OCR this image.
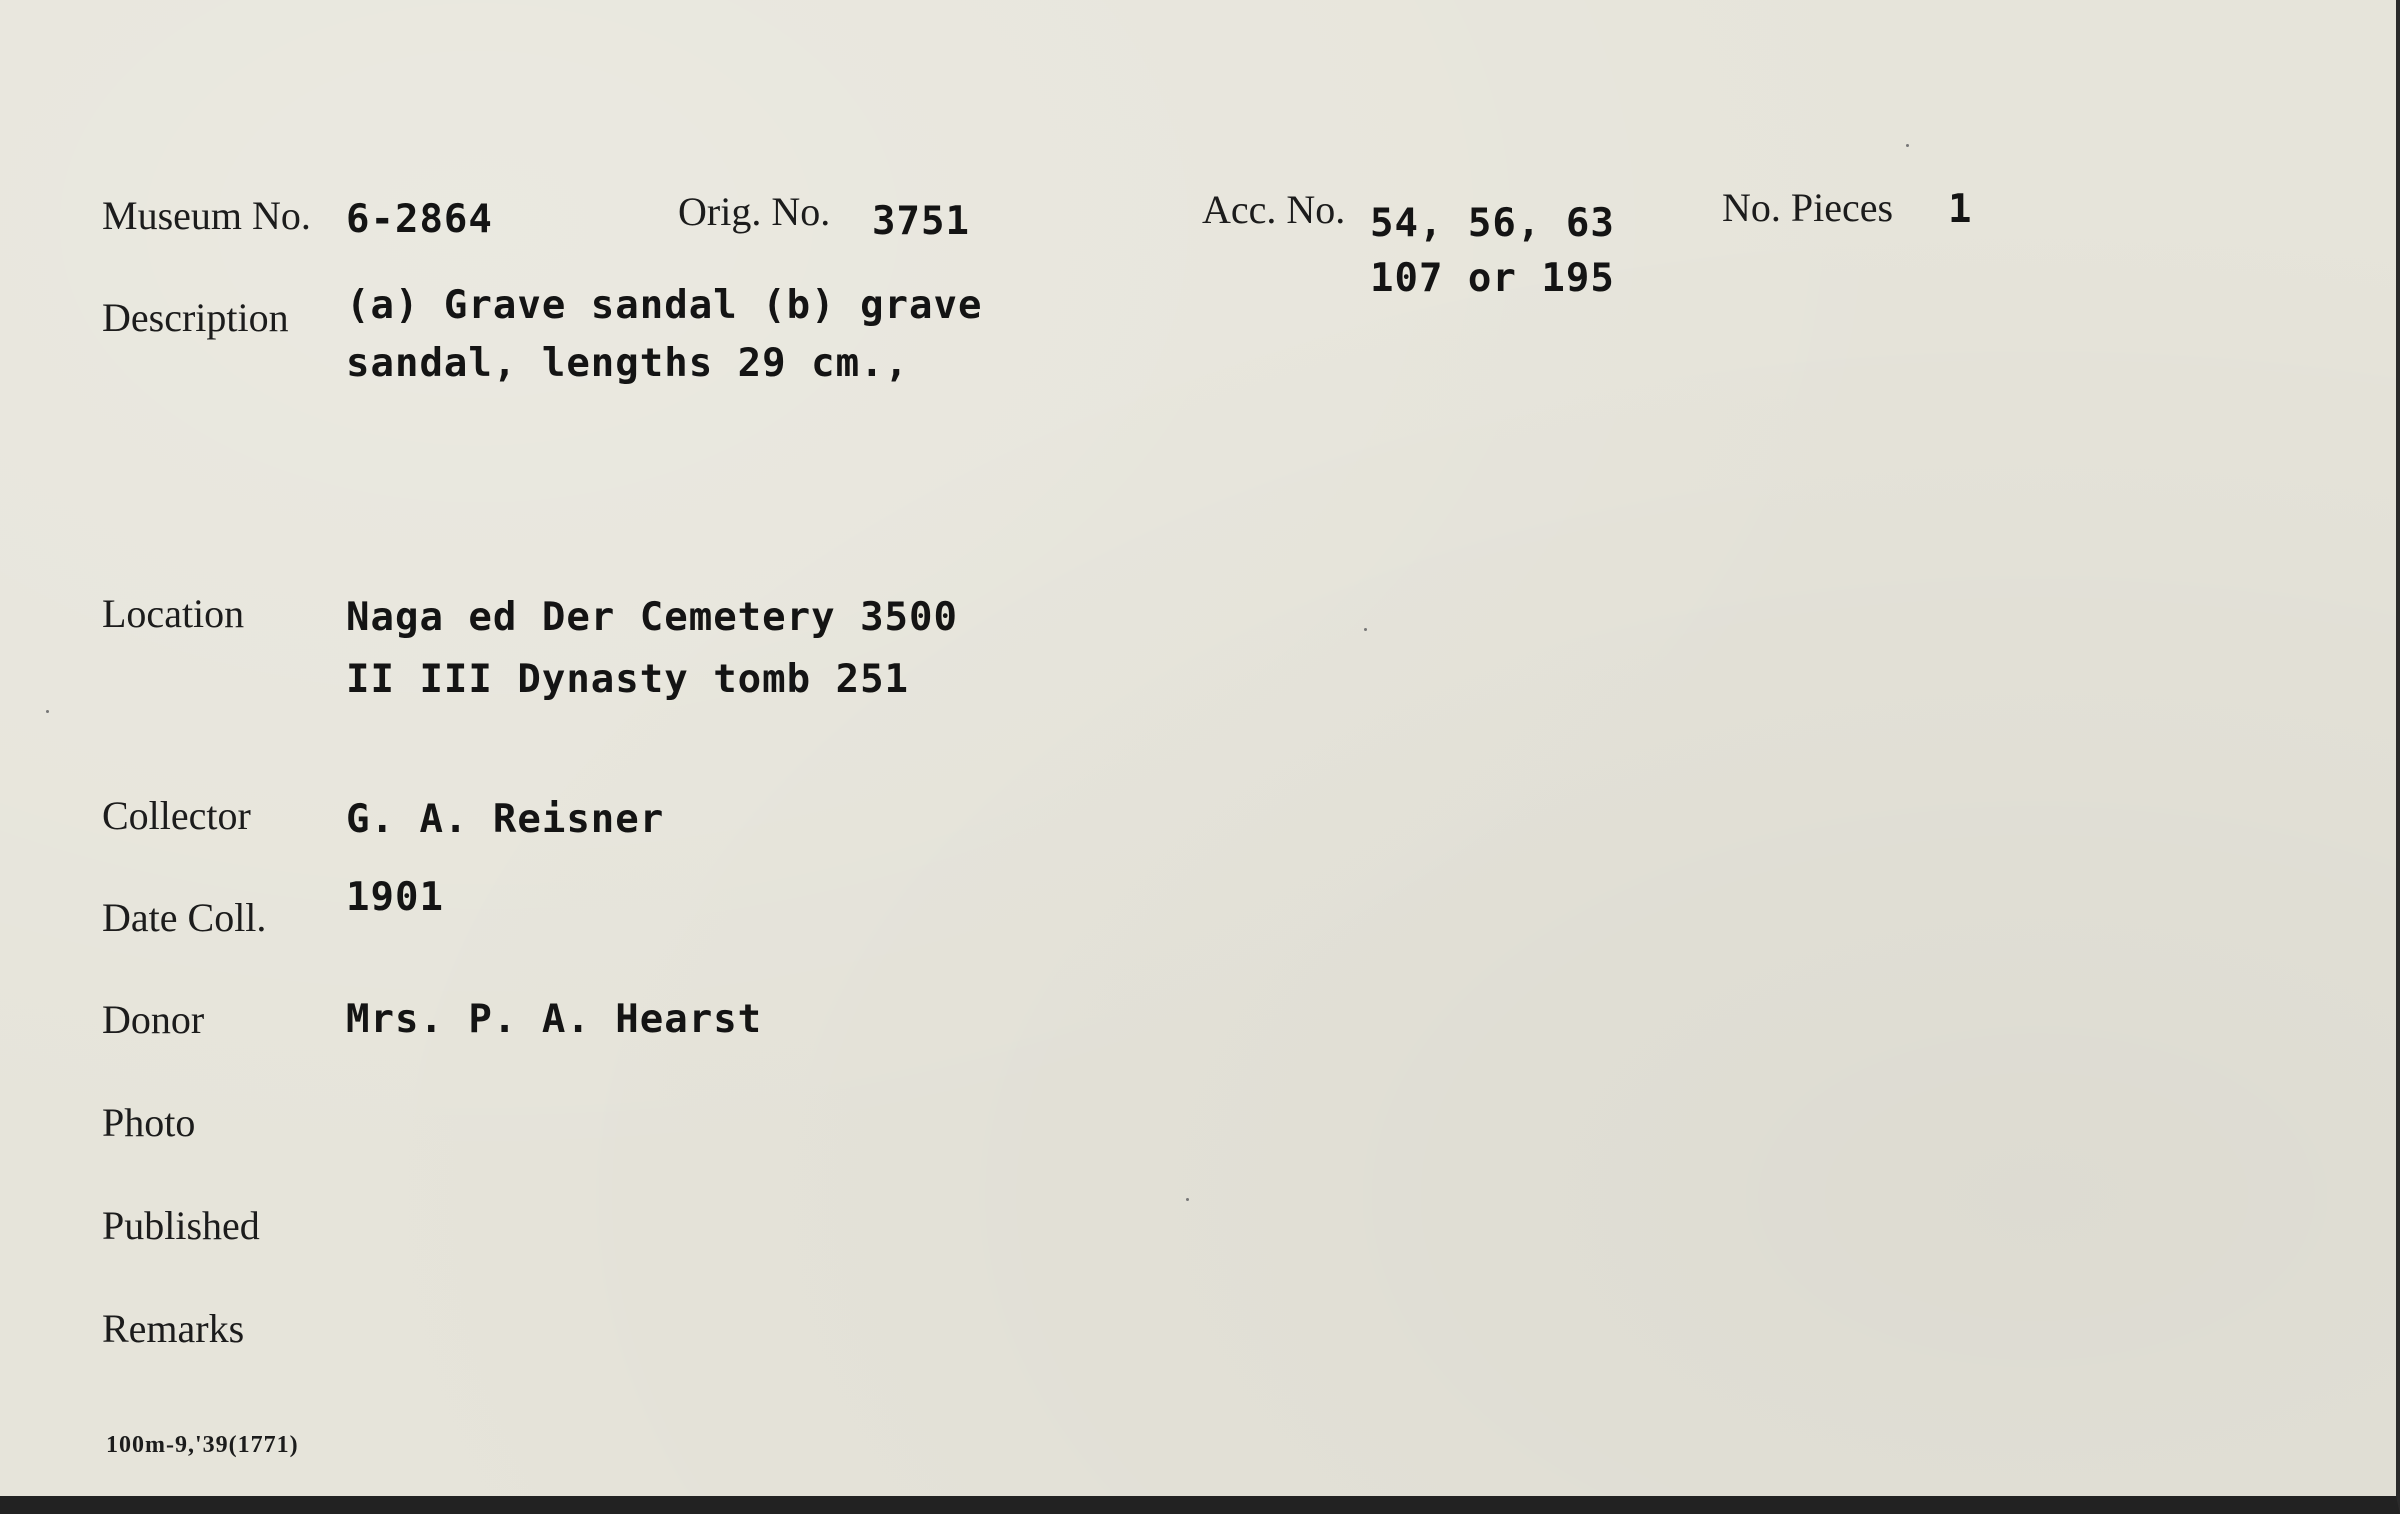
Museum No. 6-2864	Orig. No. 3751	Acc. No. 54, 56, 63
107 or 195
No. Pieces 1
Description (a) Grave sandal (b) grave
sandal, lengths 29 cm.,
Location	Naga ed Der Cemetery 3500
II III Dynasty tomb 251
Collector G. A. Reisner
Date Coll. 1901
Donor	Mrs. P. A. Hearst
Photo
Published
Remarks
100m-9,'39(1771)
